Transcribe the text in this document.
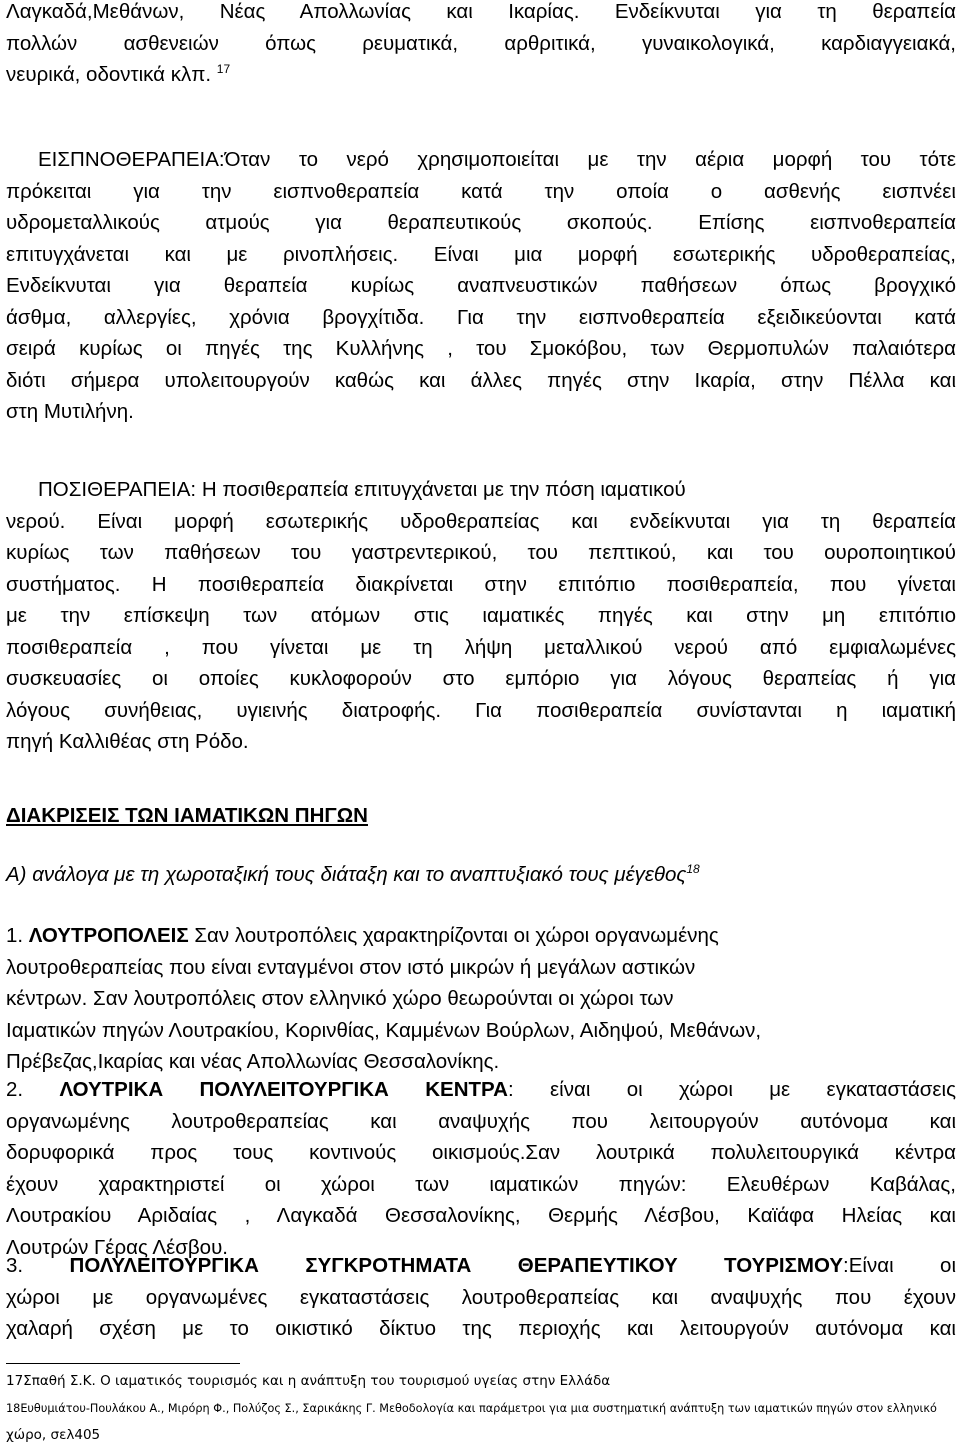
Λαγκαδά,Μεθάνων, Νέας Απολλωνίας και Ικαρίας. Ενδείκνυται για τη θεραπεία
πολλών ασθενειών όπως ρευματικά, αρθριτικά, γυναικολογικά, καρδιαγγειακά,
νευρικά, οδοντικά κλπ. $^{17}$
ΕΙΣΠΝΟΘΕΡΑΠΕΙΑ:Όταν το νερό χρησιμοποιείται με την αέρια μορφή του τότε
πρόκειται για την εισπνοθεραπεία κατά την οποία ο ασθενής εισπνέει
υδρομεταλλικούς ατμούς για θεραπευτικούς σκοπούς. Επίσης εισπνοθεραπεία
επιτυγχάνεται και με ρινοπλήσεις. Είναι μια μορφή εσωτερικής υδροθεραπείας,
Ενδείκνυται για θεραπεία κυρίως αναπνευστικών παθήσεων όπως βρογχικό
άσθμα, αλλεργίες, χρόνια βρογχίτιδα. Για την εισπνοθεραπεία εξειδικεύονται κατά
σειρά κυρίως οι πηγές της Κυλλήνης , του Σμοκόβου, των Θερμοπυλών παλαιότερα
διότι σήμερα υπολειτουργούν καθώς και άλλες πηγές στην Ικαρία, στην Πέλλα και
στη Μυτιλήνη.
ΠΟΣΙΘΕΡΑΠΕΙΑ: Η ποσιθεραπεία επιτυγχάνεται με την πόση ιαματικού
νερού. Είναι μορφή εσωτερικής υδροθεραπείας και ενδείκνυται για τη θεραπεία
κυρίως των παθήσεων του γαστρεντερικού, του πεπτικού, και του ουροποιητικού
συστήματος. Η ποσιθεραπεία διακρίνεται στην επιτόπιο ποσιθεραπεία, που γίνεται
με την επίσκεψη των ατόμων στις ιαματικές πηγές και στην μη επιτόπιο
ποσιθεραπεία , που γίνεται με τη λήψη μεταλλικού νερού από εμφιαλωμένες
συσκευασίες οι οποίες κυκλοφορούν στο εμπόριο για λόγους θεραπείας ή για
λόγους συνήθειας, υγιεινής διατροφής. Για ποσιθεραπεία συνίστανται η ιαματική
πηγή Καλλιθέας στη Ρόδο.
ΔΙΑΚΡΙΣΕΙΣ ΤΩΝ ΙΑΜΑΤΙΚΩΝ ΠΗΓΩΝ
Α) ανάλογα με τη χωροταξική τους διάταξη και το αναπτυξιακό τους μέγεθος$^{18}$
1. ΛΟΥΤΡΟΠΟΛΕΙΣ Σαν λουτροπόλεις χαρακτηρίζονται οι χώροι οργανωμένης
λουτροθεραπείας που είναι ενταγμένοι στον ιστό μικρών ή μεγάλων αστικών
κέντρων. Σαν λουτροπόλεις στον ελληνικό χώρο θεωρούνται οι χώροι των
Ιαματικών πηγών Λουτρακίου, Κορινθίας, Καμμένων Βούρλων, Αιδηψού, Μεθάνων,
Πρέβεζας,Ικαρίας και νέας Απολλωνίας Θεσσαλονίκης.
2. ΛΟΥΤΡΙΚΑ ΠΟΛΥΛΕΙΤΟΥΡΓΙΚΑ ΚΕΝΤΡΑ: είναι οι χώροι με εγκαταστάσεις
οργανωμένης λουτροθεραπείας και αναψυχής που λειτουργούν αυτόνομα και
δορυφορικά προς τους κοντινούς οικισμούς.Σαν λουτρικά πολυλειτουργικά κέντρα
έχουν χαρακτηριστεί οι χώροι των ιαματικών πηγών: Ελευθέρων Καβάλας,
Λουτρακίου Αριδαίας , Λαγκαδά Θεσσαλονίκης, Θερμής Λέσβου, Καϊάφα Ηλείας και
Λουτρών Γέρας Λέσβου.
3. ΠΟΛΥΛΕΙΤΟΥΡΓΙΚΑ ΣΥΓΚΡΟΤΗΜΑΤΑ ΘΕΡΑΠΕΥΤΙΚΟΥ ΤΟΥΡΙΣΜΟΥ:Είναι οι
χώροι με οργανωμένες εγκαταστάσεις λουτροθεραπείας και αναψυχής που έχουν
χαλαρή σχέση με το οικιστικό δίκτυο της περιοχής και λειτουργούν αυτόνομα και
17Σπαθή Σ.Κ. Ο ιαματικός τουρισμός και η ανάπτυξη του τουρισμού υγείας στην Ελλάδα
18Ευθυμιάτου-Πουλάκου Α., Μιρόρη Φ., Πολύζος Σ., Σαρικάκης Γ. Μεθοδολογία και παράμετροι για μια συστηματική ανάπτυξη των ιαματικών πηγών στον ελληνικό
χώρο, σελ405
